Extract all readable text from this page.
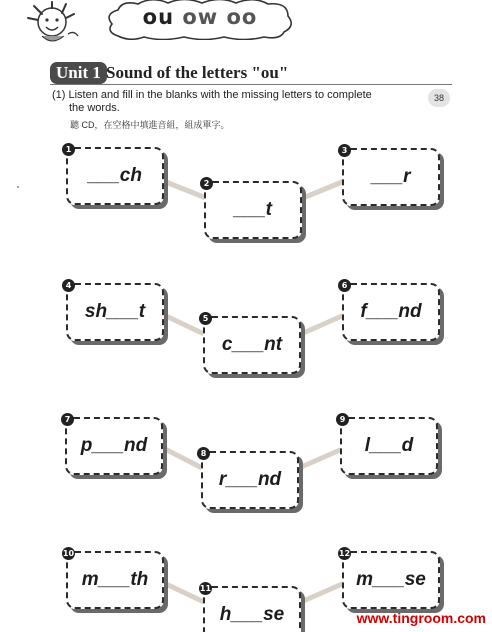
ou ow oo
Unit 1 Sound of the letters "ou"
(1) Listen and fill in the blanks with the missing letters to complete
the words.
38
聽 CD，在空格中填進音組，組成單字。
1
___ch	2
___t
3
___r
4
sh___t	5
c___nt
6
f___nd
7
p___nd	8
r___nd
9
l___d
10
m___th	11
h___se
12
m___se
www.tingroom.com
